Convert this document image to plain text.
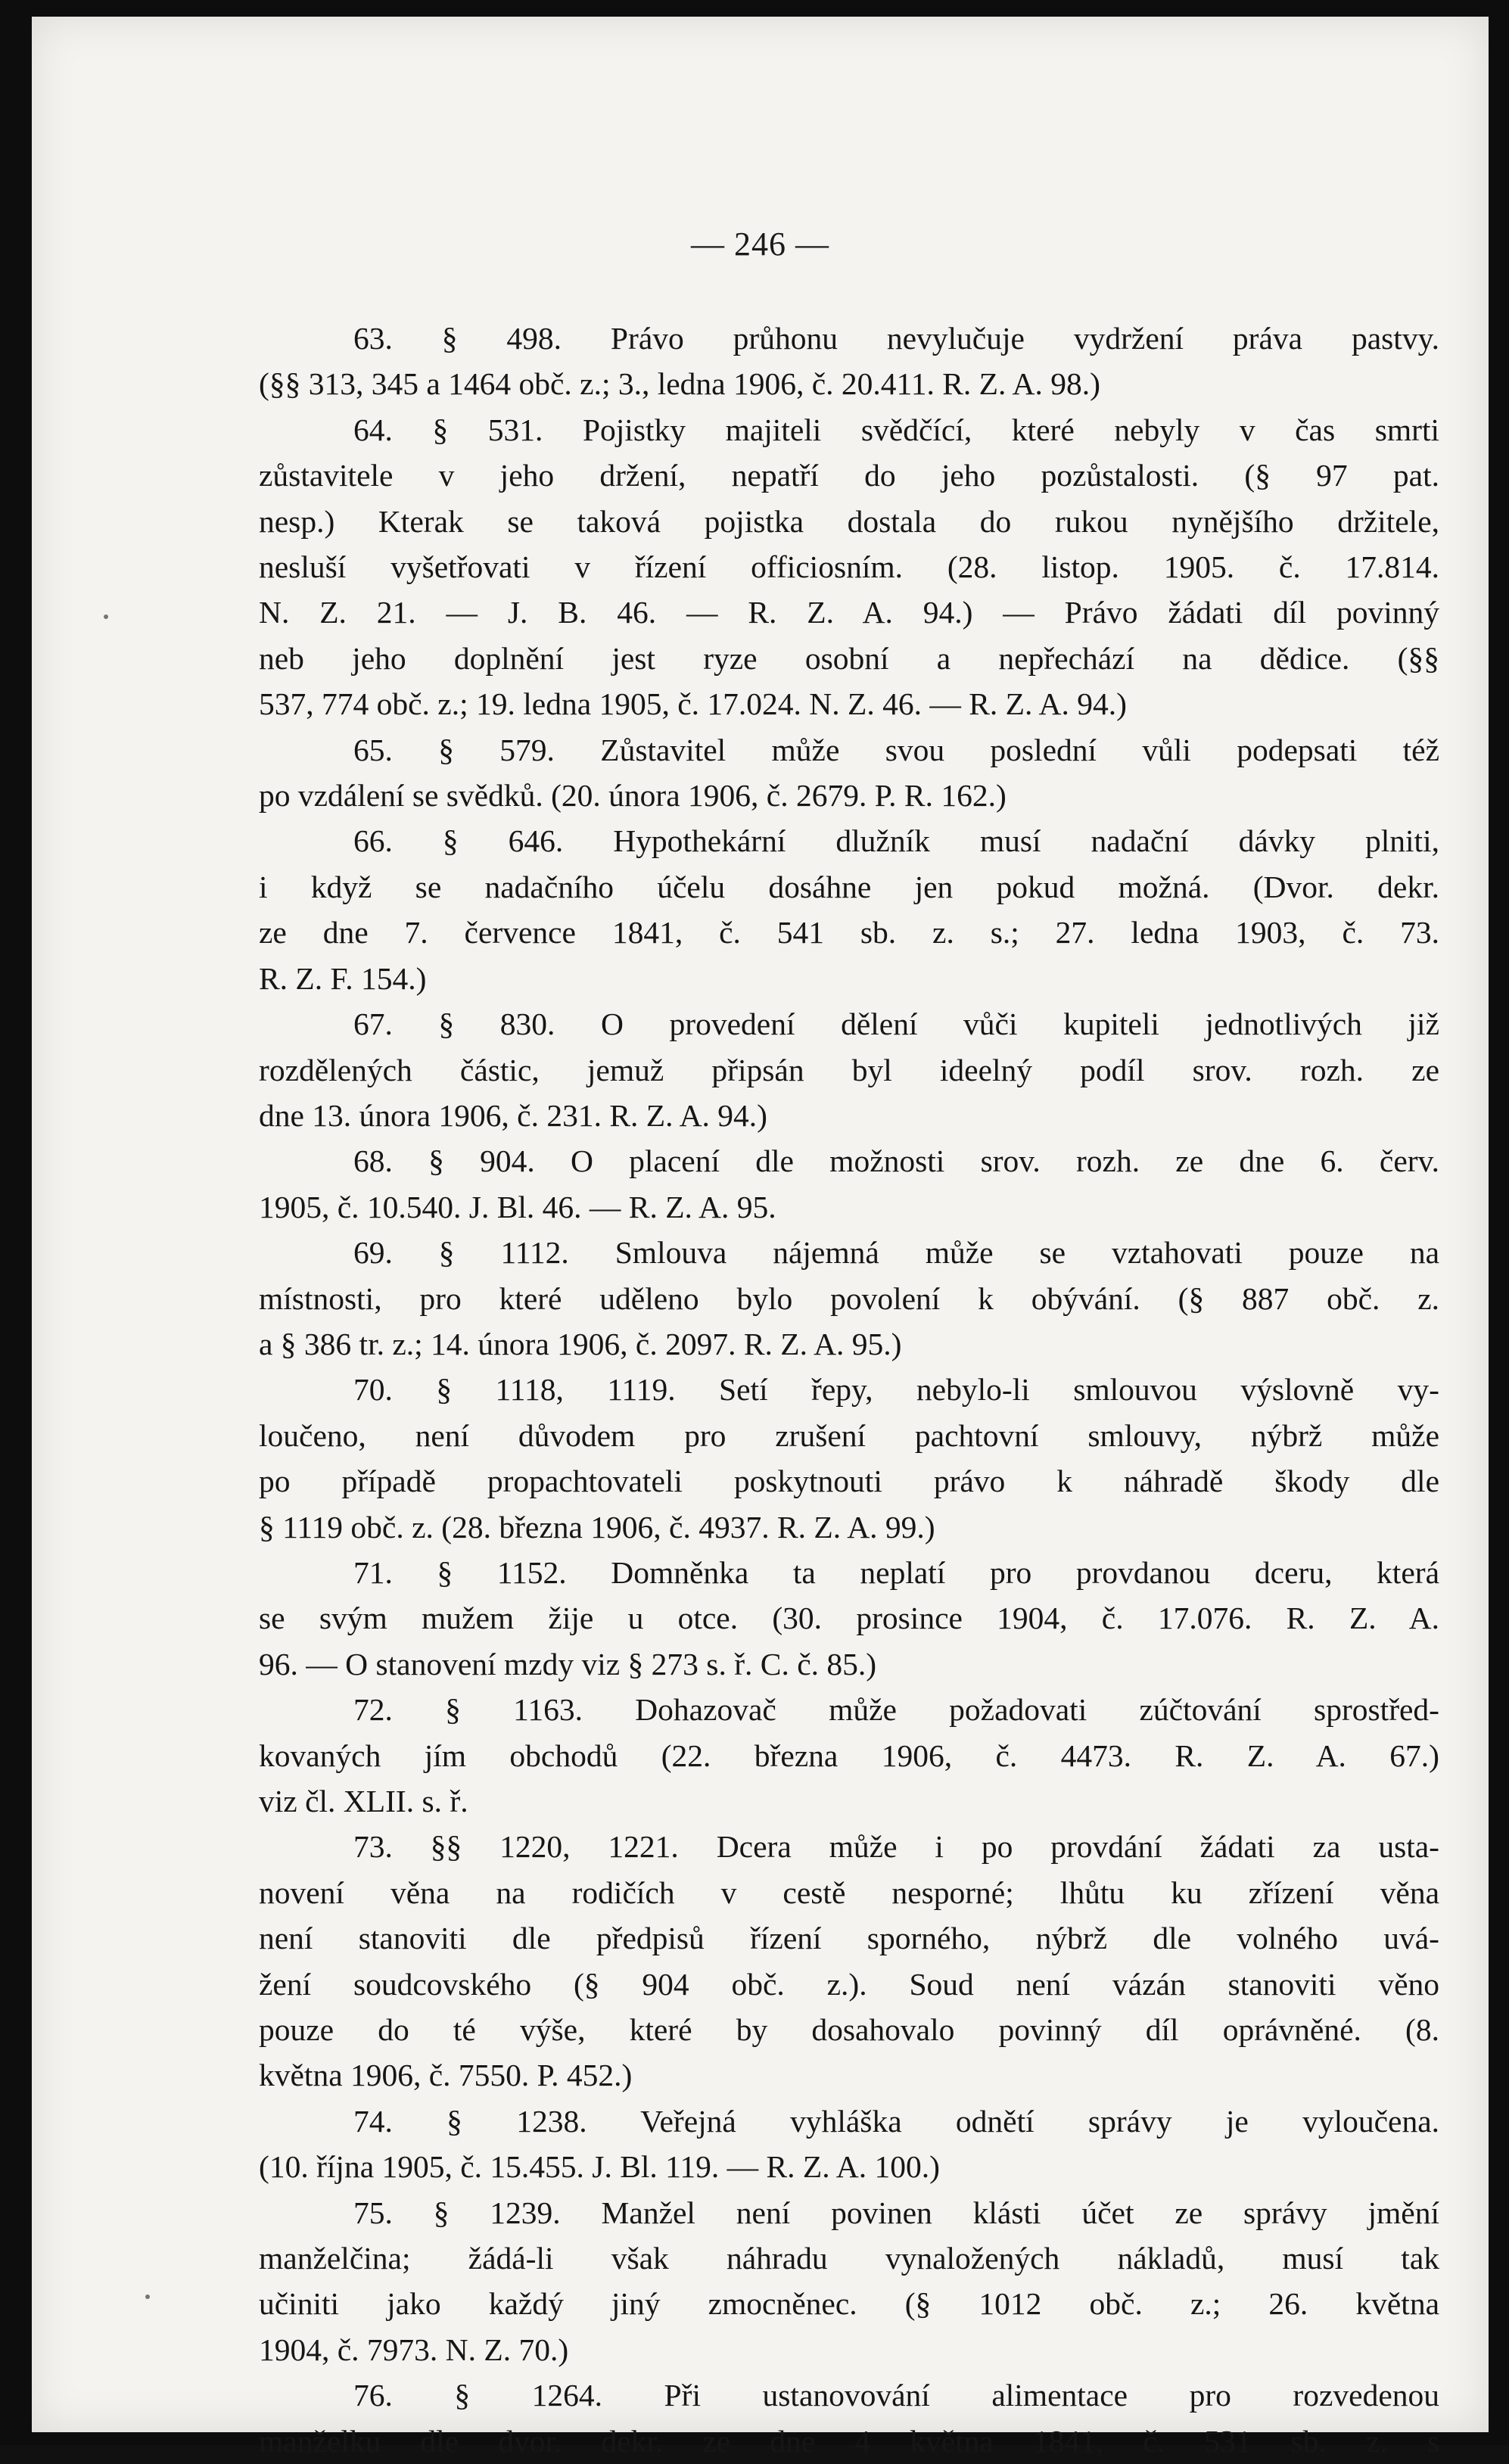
— 246 —
63. § 498. Právo průhonu nevylučuje vydržení práva pastvy.
(§§ 313, 345 a 1464 obč. z.; 3., ledna 1906, č. 20.411. R. Z. A. 98.)
64. § 531. Pojistky majiteli svědčící, které nebyly v čas smrti
zůstavitele v jeho držení, nepatří do jeho pozůstalosti. (§ 97 pat.
nesp.) Kterak se taková pojistka dostala do rukou nynějšího držitele,
nesluší vyšetřovati v řízení officiosním. (28. listop. 1905. č. 17.814.
N. Z. 21. — J. B. 46. — R. Z. A. 94.) — Právo žádati díl povinný
neb jeho doplnění jest ryze osobní a nepřechází na dědice. (§§
537, 774 obč. z.; 19. ledna 1905, č. 17.024. N. Z. 46. — R. Z. A. 94.)
65. § 579. Zůstavitel může svou poslední vůli podepsati též
po vzdálení se svědků. (20. února 1906, č. 2679. P. R. 162.)
66. § 646. Hypothekární dlužník musí nadační dávky plniti,
i když se nadačního účelu dosáhne jen pokud možná. (Dvor. dekr.
ze dne 7. července 1841, č. 541 sb. z. s.; 27. ledna 1903, č. 73.
R. Z. F. 154.)
67. § 830. O provedení dělení vůči kupiteli jednotlivých již
rozdělených částic, jemuž připsán byl ideelný podíl srov. rozh. ze
dne 13. února 1906, č. 231. R. Z. A. 94.)
68. § 904. O placení dle možnosti srov. rozh. ze dne 6. červ.
1905, č. 10.540. J. Bl. 46. — R. Z. A. 95.
69. § 1112. Smlouva nájemná může se vztahovati pouze na
místnosti, pro které uděleno bylo povolení k obývání. (§ 887 obč. z.
a § 386 tr. z.; 14. února 1906, č. 2097. R. Z. A. 95.)
70. § 1118, 1119. Setí řepy, nebylo-li smlouvou výslovně vy-
loučeno, není důvodem pro zrušení pachtovní smlouvy, nýbrž může
po případě propachtovateli poskytnouti právo k náhradě škody dle
§ 1119 obč. z. (28. března 1906, č. 4937. R. Z. A. 99.)
71. § 1152. Domněnka ta neplatí pro provdanou dceru, která
se svým mužem žije u otce. (30. prosince 1904, č. 17.076. R. Z. A.
96. — O stanovení mzdy viz § 273 s. ř. C. č. 85.)
72. § 1163. Dohazovač může požadovati zúčtování sprostřed-
kovaných jím obchodů (22. března 1906, č. 4473. R. Z. A. 67.)
viz čl. XLII. s. ř.
73. §§ 1220, 1221. Dcera může i po provdání žádati za usta-
novení věna na rodičích v cestě nesporné; lhůtu ku zřízení věna
není stanoviti dle předpisů řízení sporného, nýbrž dle volného uvá-
žení soudcovského (§ 904 obč. z.). Soud není vázán stanoviti věno
pouze do té výše, které by dosahovalo povinný díl oprávněné. (8.
května 1906, č. 7550. P. 452.)
74. § 1238. Veřejná vyhláška odnětí správy je vyloučena.
(10. října 1905, č. 15.455. J. Bl. 119. — R. Z. A. 100.)
75. § 1239. Manžel není povinen klásti účet ze správy jmění
manželčina; žádá-li však náhradu vynaložených nákladů, musí tak
učiniti jako každý jiný zmocněnec. (§ 1012 obč. z.; 26. května
1904, č. 7973. N. Z. 70.)
76. § 1264. Při ustanovování alimentace pro rozvedenou
manželku dle dvor. dekr. ze dne 4 května 1841, č. 531 sb. z. s
